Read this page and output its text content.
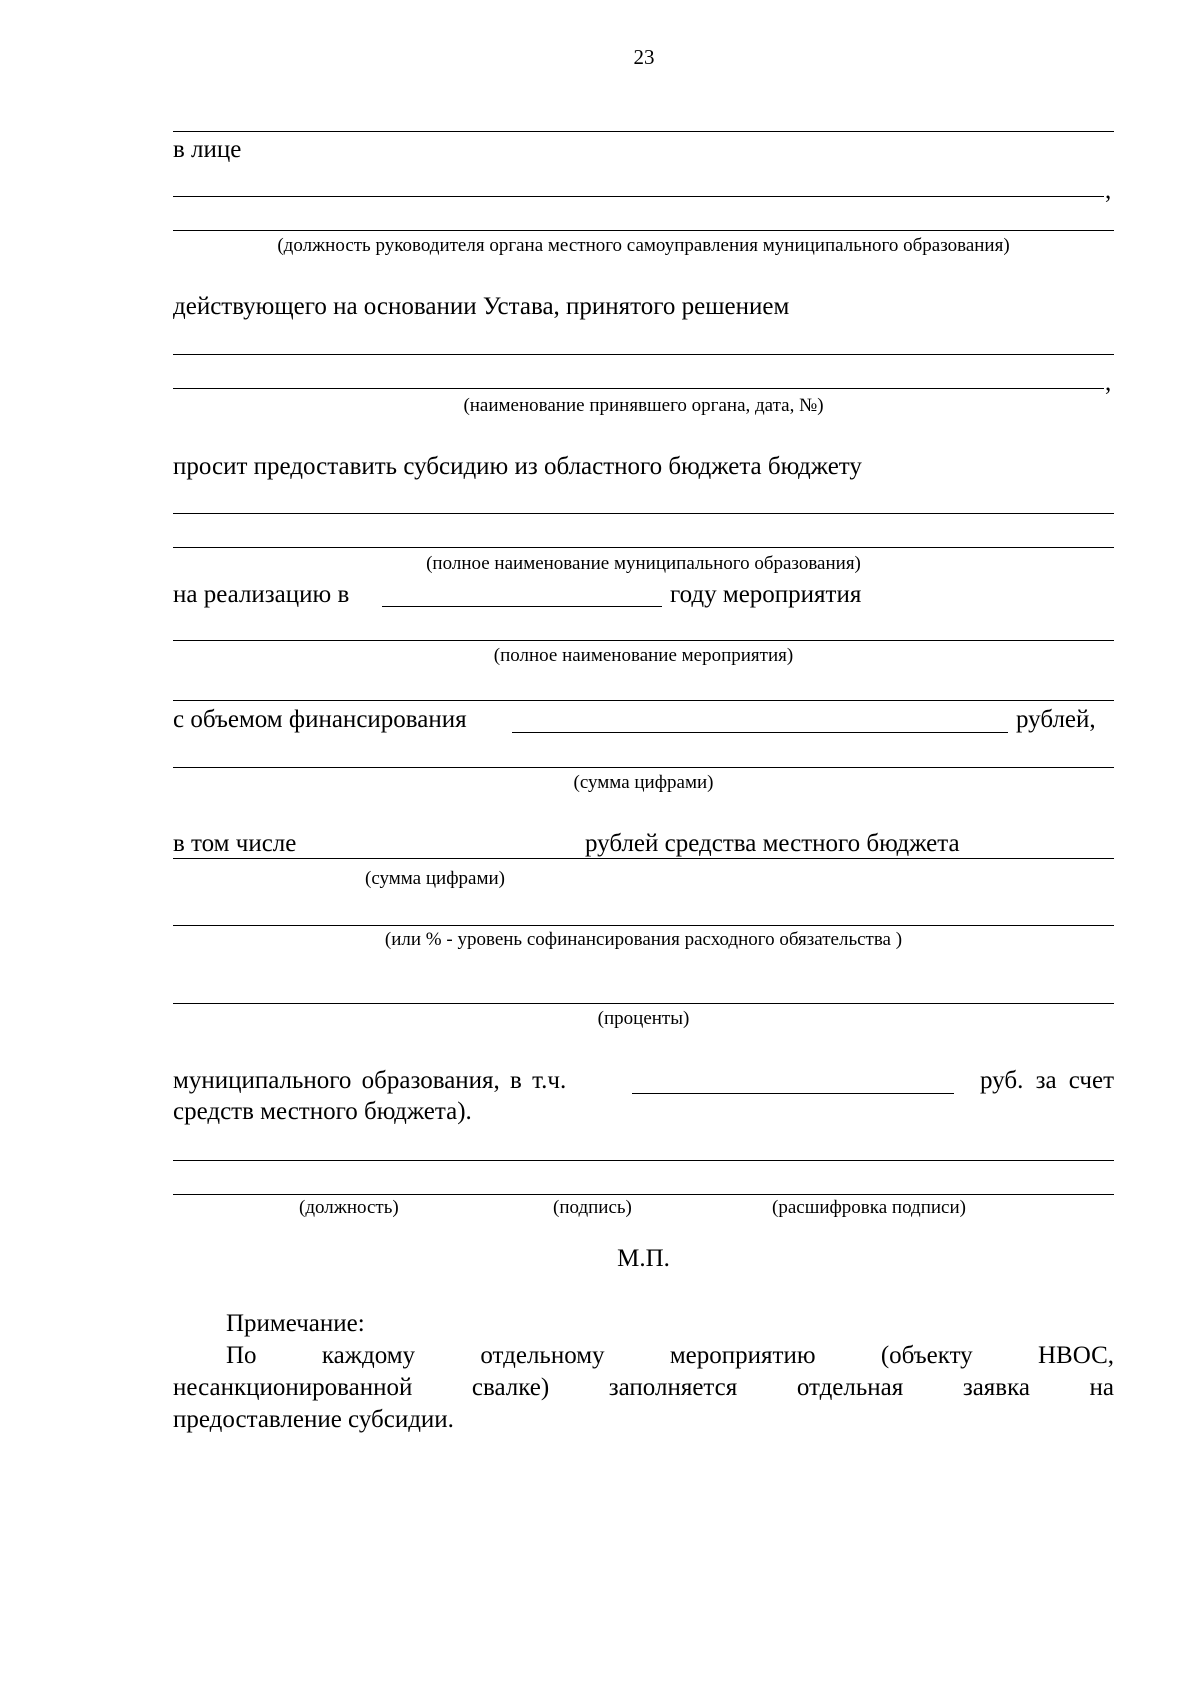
23
в лице
,
(должность руководителя органа местного самоуправления муниципального образования)
действующего на основании Устава, принятого решением
,
(наименование принявшего органа, дата, №)
просит предоставить субсидию из областного бюджета бюджету
(полное наименование муниципального образования)
на реализацию в	году мероприятия
(полное наименование мероприятия)
с объемом финансирования	рублей,
(сумма цифрами)
в том числе	рублей средства местного бюджета
(сумма цифрами)
(или % - уровень софинансирования расходного обязательства )
(проценты)
муниципального образования, в т.ч.	руб. за счет
средств местного бюджета).
(должность)	(подпись)	(расшифровка подписи)
М.П.
Примечание:
По каждому отдельному мероприятию (объекту НВОС,
несанкционированной свалке) заполняется отдельная заявка на
предоставление субсидии.
